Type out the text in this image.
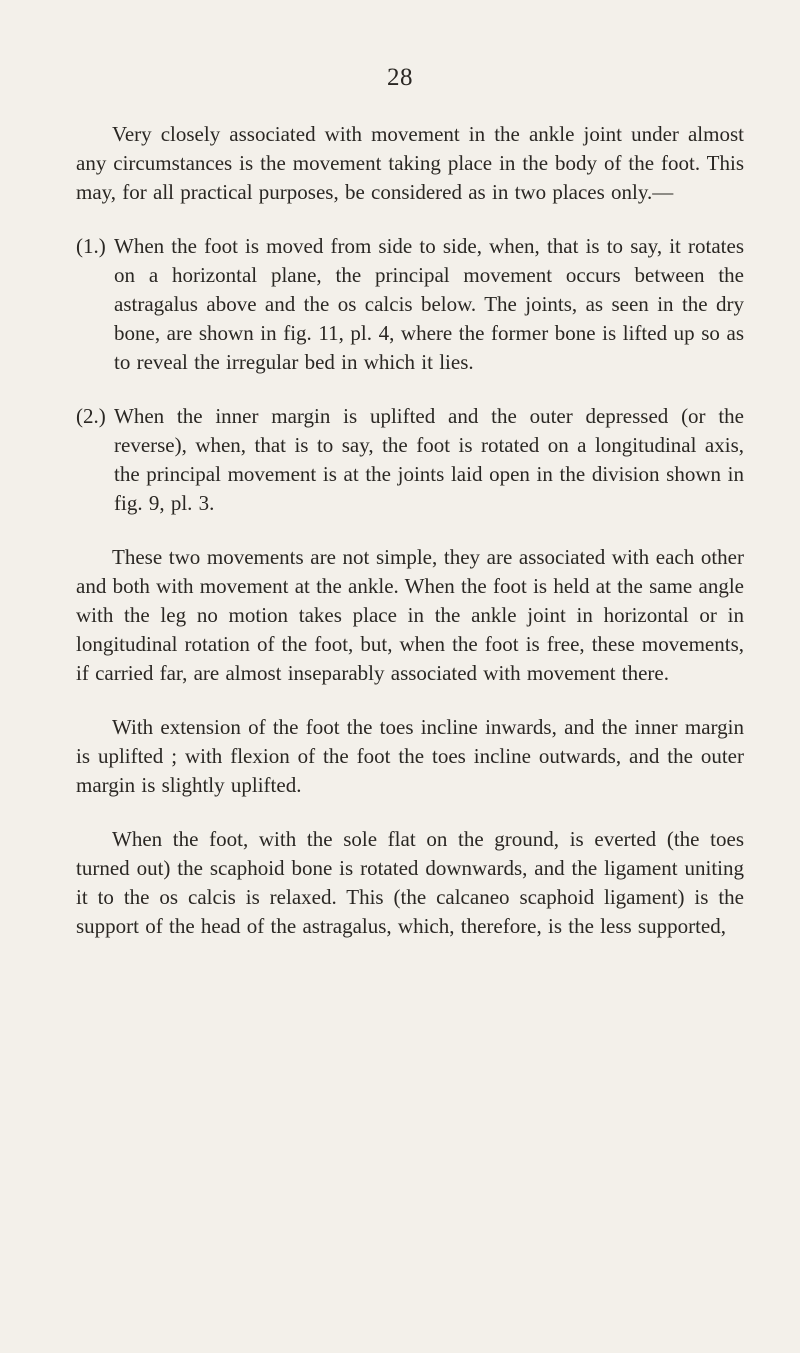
28

Very closely associated with movement in the ankle joint under almost any circumstances is the movement taking place in the body of the foot. This may, for all practical purposes, be considered as in two places only.—

(1.) When the foot is moved from side to side, when, that is to say, it rotates on a horizontal plane, the principal movement occurs between the astragalus above and the os calcis below. The joints, as seen in the dry bone, are shown in fig. 11, pl. 4, where the former bone is lifted up so as to reveal the irregular bed in which it lies.
(2.) When the inner margin is uplifted and the outer depressed (or the reverse), when, that is to say, the foot is rotated on a longitudinal axis, the principal movement is at the joints laid open in the division shown in fig. 9, pl. 3.

These two movements are not simple, they are associated with each other and both with movement at the ankle. When the foot is held at the same angle with the leg no motion takes place in the ankle joint in horizontal or in longitudinal rotation of the foot, but, when the foot is free, these movements, if carried far, are almost inseparably associated with movement there.

With extension of the foot the toes incline inwards, and the inner margin is uplifted ; with flexion of the foot the toes incline outwards, and the outer margin is slightly uplifted.

When the foot, with the sole flat on the ground, is everted (the toes turned out) the scaphoid bone is rotated downwards, and the ligament uniting it to the os calcis is relaxed. This (the calcaneo scaphoid ligament) is the support of the head of the astragalus, which, therefore, is the less supported,
